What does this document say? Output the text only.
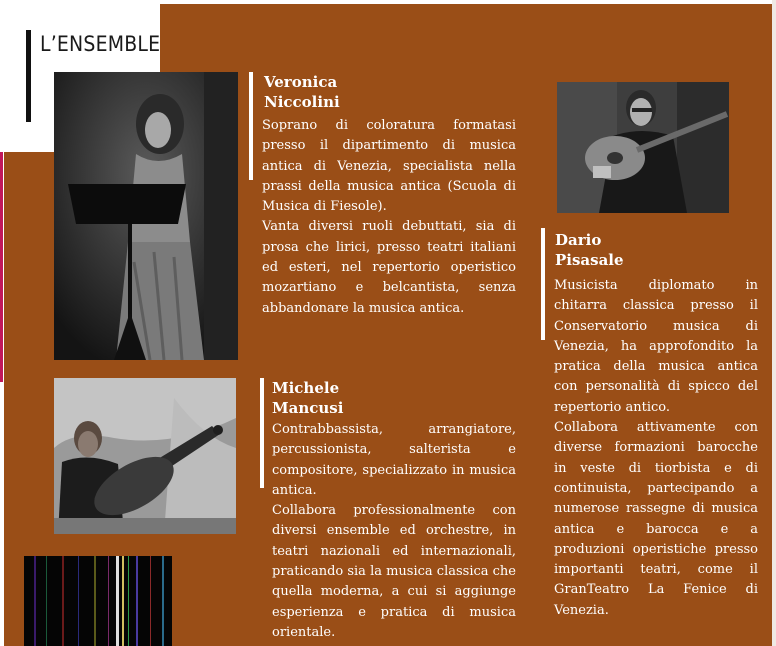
L’ENSEMBLE
Veronica
Niccolini

Soprano di coloratura formatasi presso il dipartimento di musica antica di Venezia, specialista nella prassi della musica antica (Scuola di Musica di Fiesole).

Vanta diversi ruoli debuttati, sia di prosa che lirici, presso teatri italiani ed esteri, nel repertorio operistico mozartiano e belcantista, senza abbandonare la musica antica.

Michele
Mancusi

Contrabbassista, arrangiatore, percussionista, salterista e compositore, specializzato in musica antica.

Collabora professionalmente con diversi ensemble ed orchestre, in teatri nazionali ed internazionali, praticando sia la musica classica che quella moderna, a cui si aggiunge esperienza e pratica di musica orientale.

Dario
Pisasale

Musicista diplomato in chitarra classica presso il Conservatorio musica di Venezia, ha approfondito la pratica della musica antica con personalità di spicco del repertorio antico.

Collabora attivamente con diverse formazioni barocche in veste di tiorbista e di continuista, partecipando a numerose rassegne di musica antica e barocca e a produzioni operistiche presso importanti teatri, come il GranTeatro La Fenice di Venezia.
